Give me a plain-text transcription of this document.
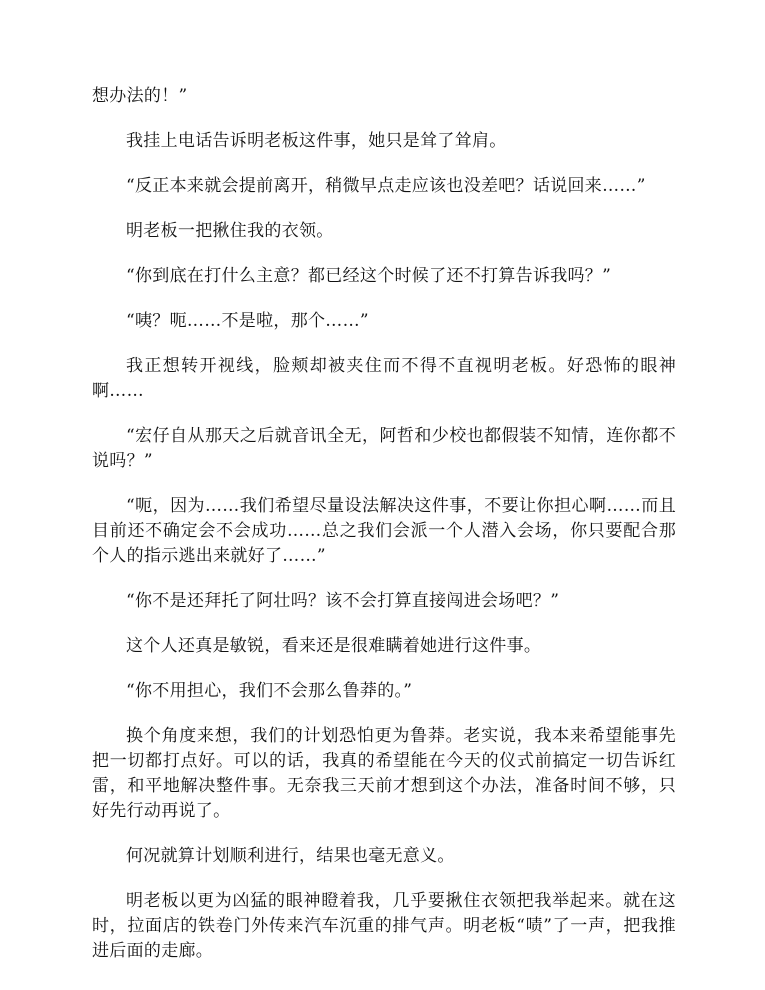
想办法的！”

我挂上电话告诉明老板这件事，她只是耸了耸肩。

“反正本来就会提前离开，稍微早点走应该也没差吧？话说回来……”

明老板一把揪住我的衣领。

“你到底在打什么主意？都已经这个时候了还不打算告诉我吗？”

“咦？呃……不是啦，那个……”

我正想转开视线，脸颊却被夹住而不得不直视明老板。好恐怖的眼神啊……

“宏仔自从那天之后就音讯全无，阿哲和少校也都假装不知情，连你都不说吗？”

“呃，因为……我们希望尽量设法解决这件事，不要让你担心啊……而且目前还不确定会不会成功……总之我们会派一个人潜入会场，你只要配合那个人的指示逃出来就好了……”

“你不是还拜托了阿壮吗？该不会打算直接闯进会场吧？”

这个人还真是敏锐，看来还是很难瞒着她进行这件事。

“你不用担心，我们不会那么鲁莽的。”

换个角度来想，我们的计划恐怕更为鲁莽。老实说，我本来希望能事先把一切都打点好。可以的话，我真的希望能在今天的仪式前搞定一切告诉红雷，和平地解决整件事。无奈我三天前才想到这个办法，准备时间不够，只好先行动再说了。

何况就算计划顺利进行，结果也毫无意义。

明老板以更为凶猛的眼神瞪着我，几乎要揪住衣领把我举起来。就在这时，拉面店的铁卷门外传来汽车沉重的排气声。明老板“啧”了一声，把我推进后面的走廊。
